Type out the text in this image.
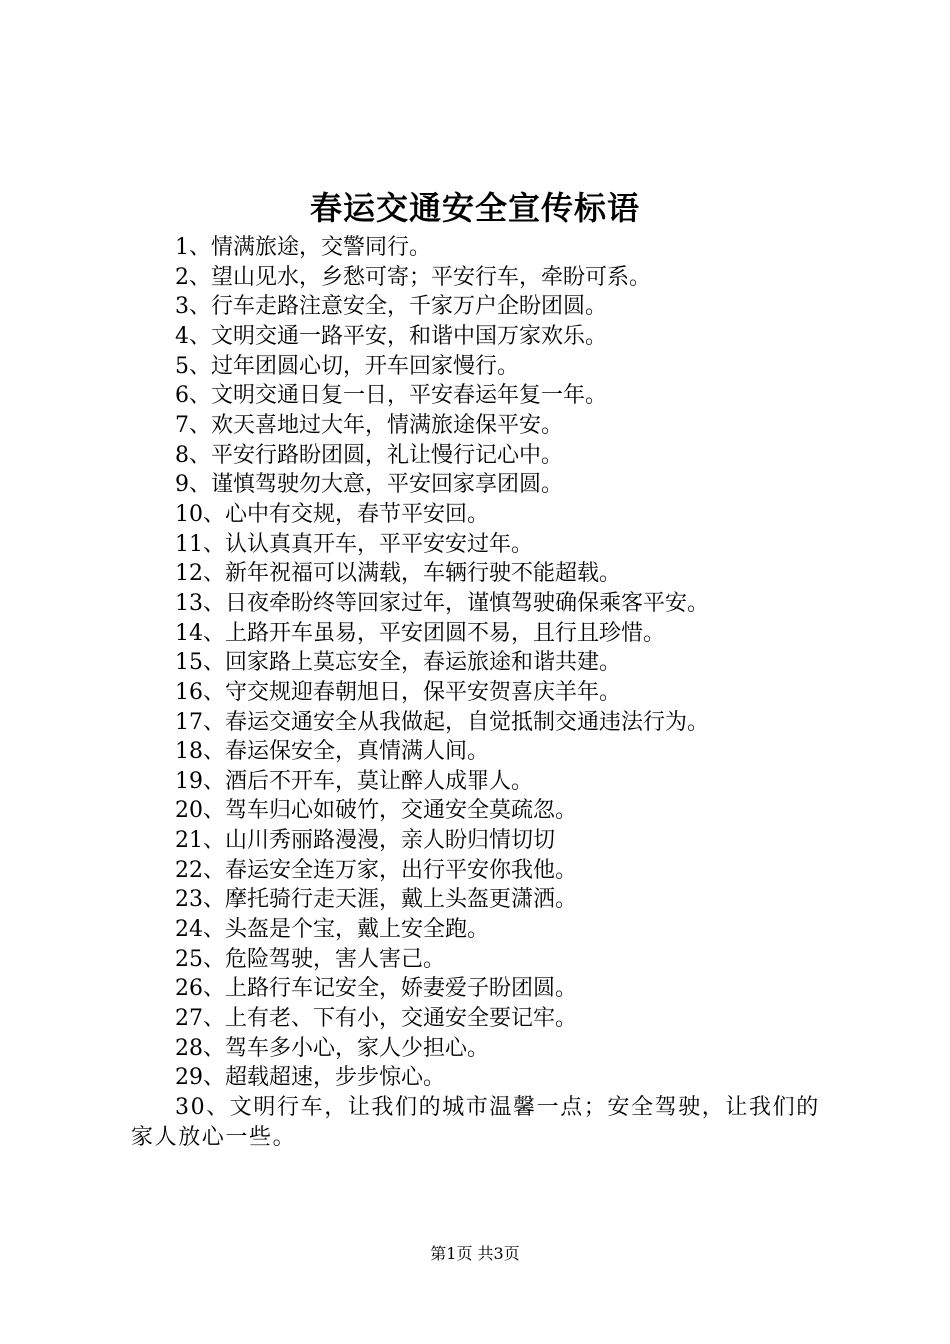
春运交通安全宣传标语
1、情满旅途，交警同行。
2、望山见水，乡愁可寄；平安行车，牵盼可系。
3、行车走路注意安全，千家万户企盼团圆。
4、文明交通一路平安，和谐中国万家欢乐。
5、过年团圆心切，开车回家慢行。
6、文明交通日复一日，平安春运年复一年。
7、欢天喜地过大年，情满旅途保平安。
8、平安行路盼团圆，礼让慢行记心中。
9、谨慎驾驶勿大意，平安回家享团圆。
10、心中有交规，春节平安回。
11、认认真真开车，平平安安过年。
12、新年祝福可以满载，车辆行驶不能超载。
13、日夜牵盼终等回家过年，谨慎驾驶确保乘客平安。
14、上路开车虽易，平安团圆不易，且行且珍惜。
15、回家路上莫忘安全，春运旅途和谐共建。
16、守交规迎春朝旭日，保平安贺喜庆羊年。
17、春运交通安全从我做起，自觉抵制交通违法行为。
18、春运保安全，真情满人间。
19、酒后不开车，莫让醉人成罪人。
20、驾车归心如破竹，交通安全莫疏忽。
21、山川秀丽路漫漫，亲人盼归情切切
22、春运安全连万家，出行平安你我他。
23、摩托骑行走天涯，戴上头盔更潇洒。
24、头盔是个宝，戴上安全跑。
25、危险驾驶，害人害己。
26、上路行车记安全，娇妻爱子盼团圆。
27、上有老、下有小，交通安全要记牢。
28、驾车多小心，家人少担心。
29、超载超速，步步惊心。
30、文明行车，让我们的城市温馨一点；安全驾驶，让我们的家人放心一些。
第1页 共3页
